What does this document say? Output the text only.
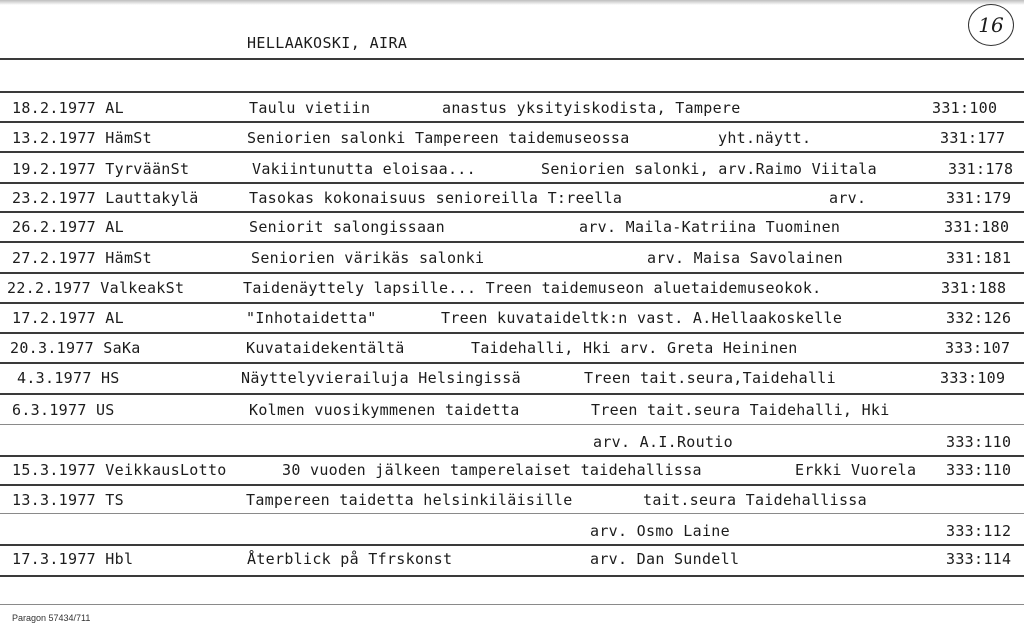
HELLAAKOSKI, AIRA
16
18.2.1977 AL	Taulu vietiin	anastus yksityiskodista, Tampere	331:100
13.2.1977 HämSt	Seniorien salonki Tampereen taidemuseossa	yht.näytt.	331:177
19.2.1977 TyrväänSt	Vakiintunutta eloisaa...	Seniorien salonki, arv.Raimo Viitala	331:178
23.2.1977 Lauttakylä	Tasokas kokonaisuus senioreilla T:reella	arv.	331:179
26.2.1977 AL	Seniorit salongissaan	arv. Maila-Katriina Tuominen	331:180
27.2.1977 HämSt	Seniorien värikäs salonki	arv. Maisa Savolainen	331:181
22.2.1977 ValkeakSt	Taidenäyttely lapsille... Treen taidemuseon aluetaidemuseokok.	331:188
17.2.1977 AL	"Inhotaidetta"	Treen kuvataideltk:n vast. A.Hellaakoskelle	332:126
20.3.1977 SaKa	Kuvataidekentältä	Taidehalli, Hki arv. Greta Heininen	333:107
4.3.1977 HS	Näyttelyvierailuja Helsingissä	Treen tait.seura,Taidehalli	333:109
6.3.1977 US	Kolmen vuosikymmenen taidetta	Treen tait.seura Taidehalli, Hki
arv. A.I.Routio	333:110
15.3.1977 VeikkausLotto	30 vuoden jälkeen tamperelaiset taidehallissa	Erkki Vuorela 333:110
13.3.1977 TS	Tampereen taidetta helsinkiläisille	tait.seura Taidehallissa
arv. Osmo Laine	333:112
17.3.1977 Hbl	Återblick på Tfrskonst	arv. Dan Sundell	333:114
Paragon 57434/711
